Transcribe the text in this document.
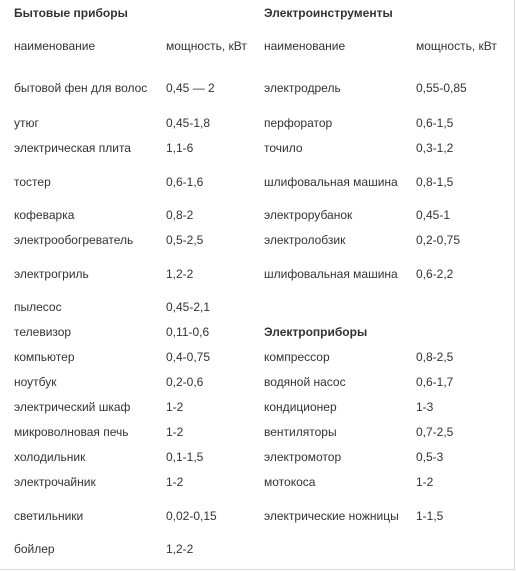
Бытовые приборы		Электроинструменты	
наименование	мощность, кВт	наименование	мощность, кВт
бытовой фен для волос	0,45 — 2	электродрель	0,55-0,85
утюг	0,45-1,8	перфоратор	0,6-1,5
электрическая плита	1,1-6	точило	0,3-1,2
тостер	0,6-1,6	шлифовальная машина	0,8-1,5
кофеварка	0,8-2	электрорубанок	0,45-1
электрообогреватель	0,5-2,5	электролобзик	0,2-0,75
электрогриль	1,2-2	шлифовальная машина	0,6-2,2
пылесос	0,45-2,1		
телевизор	0,11-0,6	Электроприборы	
компьютер	0,4-0,75	компрессор	0,8-2,5
ноутбук	0,2-0,6	водяной насос	0,6-1,7
электрический шкаф	1-2	кондиционер	1-3
микроволновая печь	1-2	вентиляторы	0,7-2,5
холодильник	0,1-1,5	электромотор	0,5-3
электрочайник	1-2	мотокоса	1-2
светильники	0,02-0,15	электрические ножницы	1-1,5
бойлер	1,2-2		
